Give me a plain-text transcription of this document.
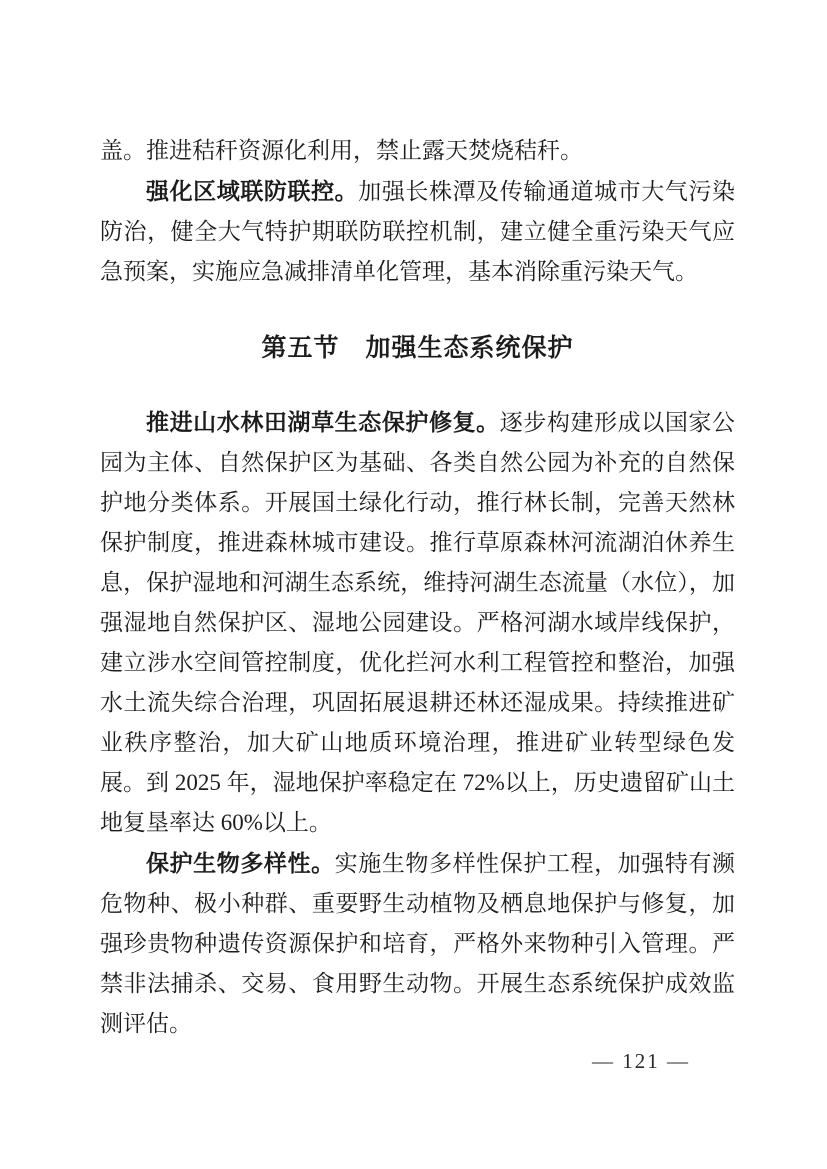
盖。推进秸秆资源化利用，禁止露天焚烧秸秆。

强化区域联防联控。加强长株潭及传输通道城市大气污染防治，健全大气特护期联防联控机制，建立健全重污染天气应急预案，实施应急减排清单化管理，基本消除重污染天气。

第五节　加强生态系统保护

推进山水林田湖草生态保护修复。逐步构建形成以国家公园为主体、自然保护区为基础、各类自然公园为补充的自然保护地分类体系。开展国土绿化行动，推行林长制，完善天然林保护制度，推进森林城市建设。推行草原森林河流湖泊休养生息，保护湿地和河湖生态系统，维持河湖生态流量（水位），加强湿地自然保护区、湿地公园建设。严格河湖水域岸线保护，建立涉水空间管控制度，优化拦河水利工程管控和整治，加强水土流失综合治理，巩固拓展退耕还林还湿成果。持续推进矿业秩序整治，加大矿山地质环境治理，推进矿业转型绿色发展。到 2025 年，湿地保护率稳定在 72%以上，历史遗留矿山土地复垦率达 60%以上。

保护生物多样性。实施生物多样性保护工程，加强特有濒危物种、极小种群、重要野生动植物及栖息地保护与修复，加强珍贵物种遗传资源保护和培育，严格外来物种引入管理。严禁非法捕杀、交易、食用野生动物。开展生态系统保护成效监测评估。

— 121 —
